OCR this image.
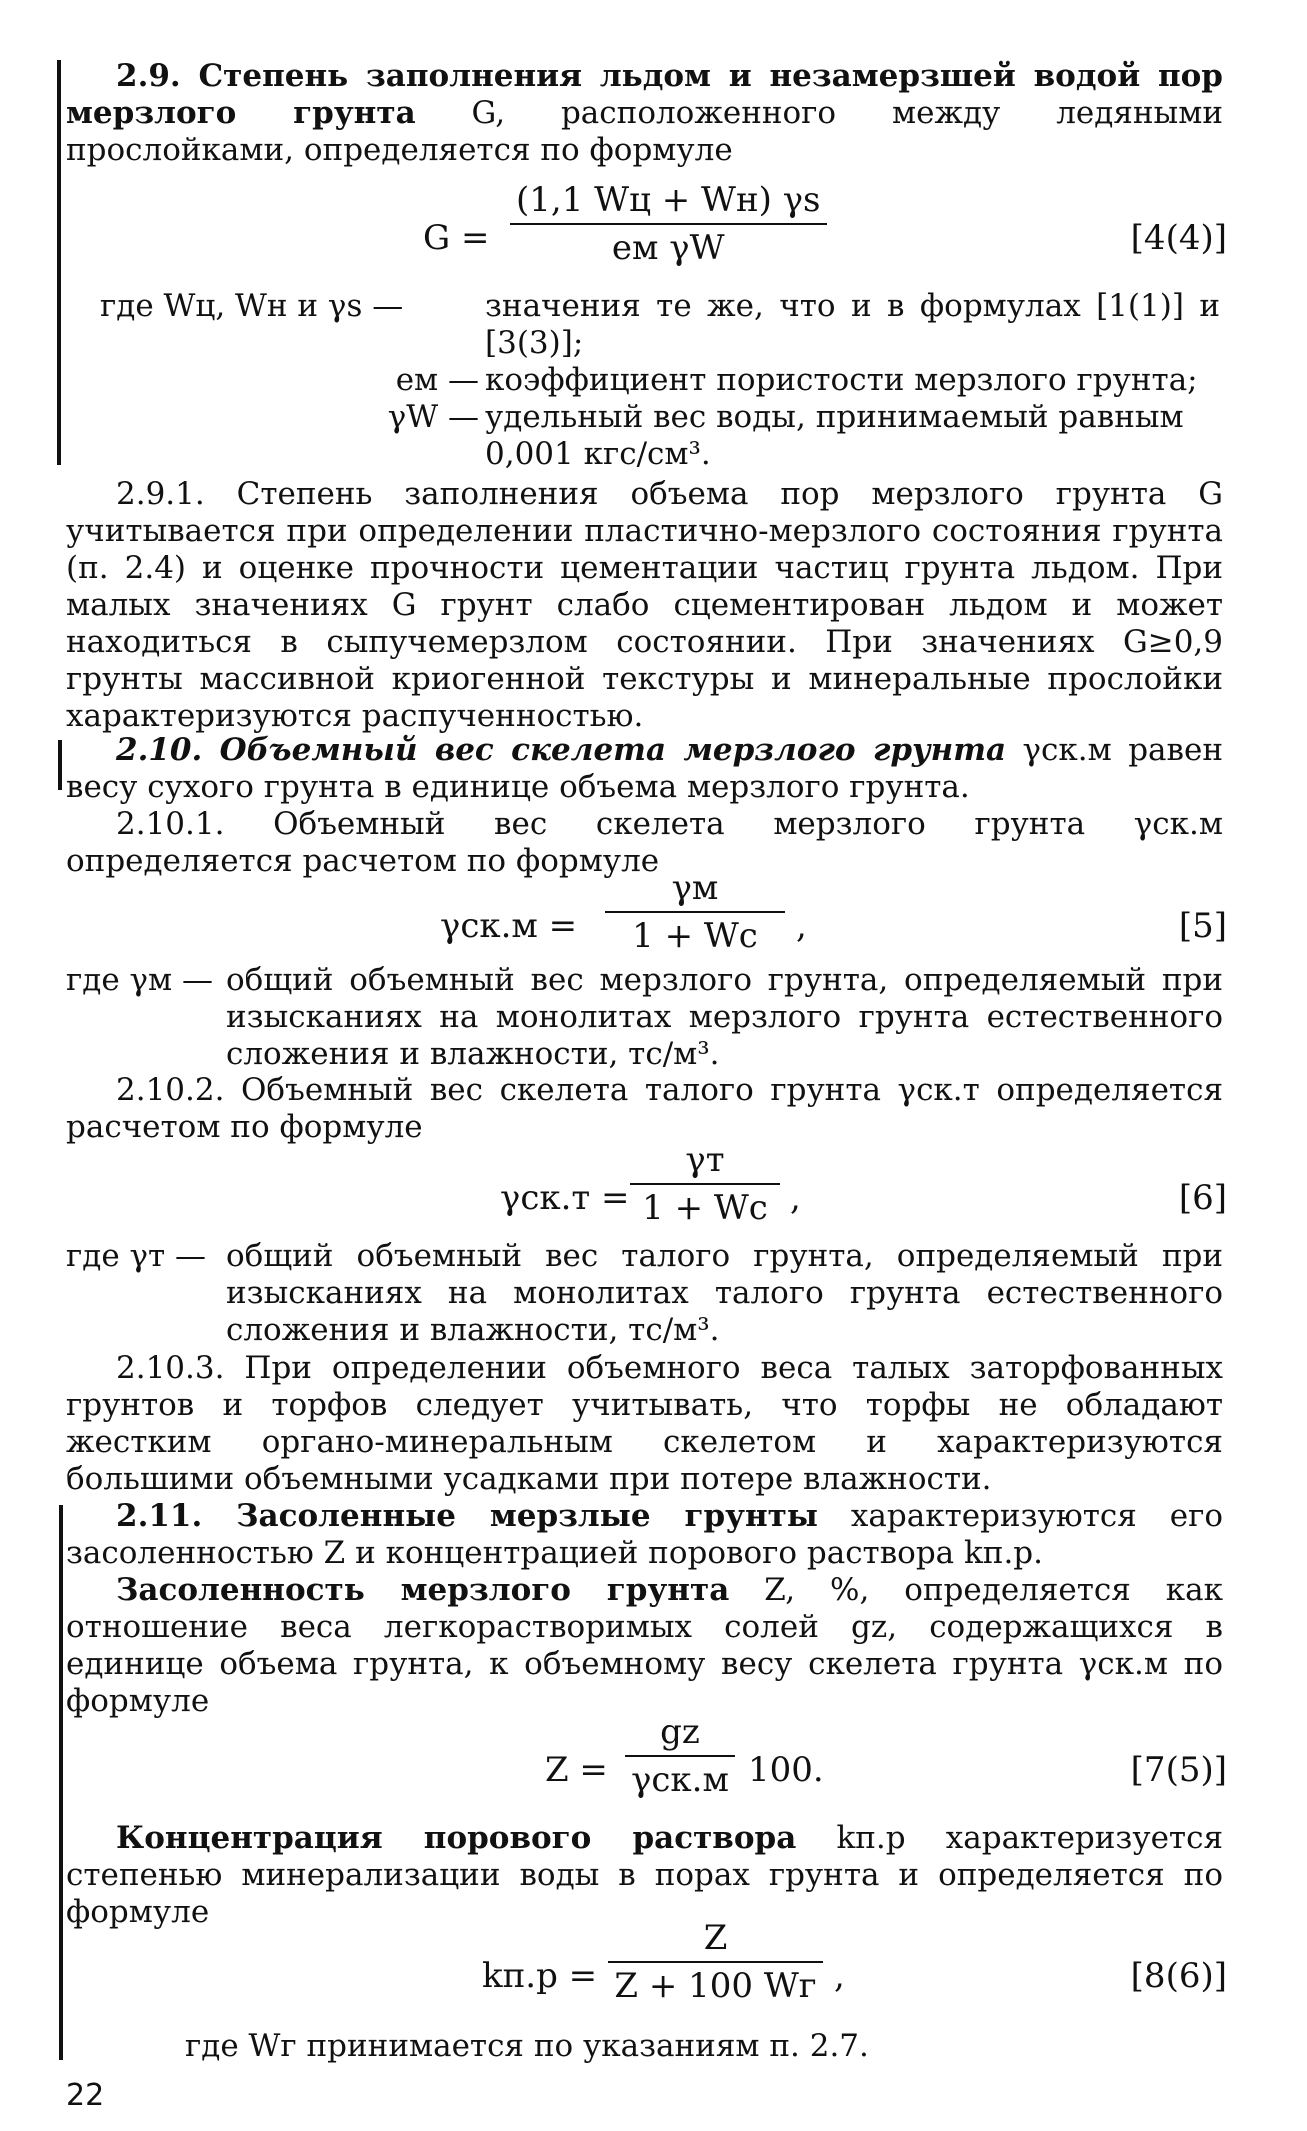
2.9. Степень заполнения льдом и незамерзшей водой пор мерзлого грунта G, расположенного между ледяными прослойками, определяется по формуле
G =
(1,1 Wц + Wн) γs
eм γW	[4(4)]
где Wц, Wн и γs —	значения те же, что и в формулах [1(1)] и [3(3)];
eм — коэффициент пористости мерзлого грунта;
γW — удельный вес воды, принимаемый равным 0,001 кгс/см³.
2.9.1. Степень заполнения объема пор мерзлого грунта G учитывается при определении пластично-мерзлого состояния грунта (п. 2.4) и оценке прочности цементации частиц грунта льдом. При малых значениях G грунт слабо сцементирован льдом и может находиться в сыпучемерзлом состоянии. При значениях G≥0,9 грунты массивной криогенной текстуры и минеральные прослойки характеризуются распученностью.
2.10. Объемный вес скелета мерзлого грунта γск.м равен весу сухого грунта в единице объема мерзлого грунта.
2.10.1. Объемный вес скелета мерзлого грунта γск.м определяется расчетом по формуле
γск.м =
γм
1 + Wс ,	[5]
где γм — общий объемный вес мерзлого грунта, определяемый при изысканиях на монолитах мерзлого грунта естественного сложения и влажности, тс/м³.
2.10.2. Объемный вес скелета талого грунта γск.т определяется расчетом по формуле
γск.т =
γт
1 + Wс ,	[6]
где γт — общий объемный вес талого грунта, определяемый при изысканиях на монолитах талого грунта естественного сложения и влажности, тс/м³.
2.10.3. При определении объемного веса талых заторфованных грунтов и торфов следует учитывать, что торфы не обладают жестким органо-минеральным скелетом и характеризуются большими объемными усадками при потере влажности.
2.11. Засоленные мерзлые грунты характеризуются его засоленностью Z и концентрацией порового раствора kп.р.
Засоленность мерзлого грунта Z, %, определяется как отношение веса легкорастворимых солей gz, содержащихся в единице объема грунта, к объемному весу скелета грунта γск.м по формуле
Z =
gz
γск.м 100.	[7(5)]
Концентрация порового раствора kп.р характеризуется степенью минерализации воды в порах грунта и определяется по формуле
kп.р =
Z
Z + 100 Wг ,	[8(6)]
где Wг принимается по указаниям п. 2.7.
22
